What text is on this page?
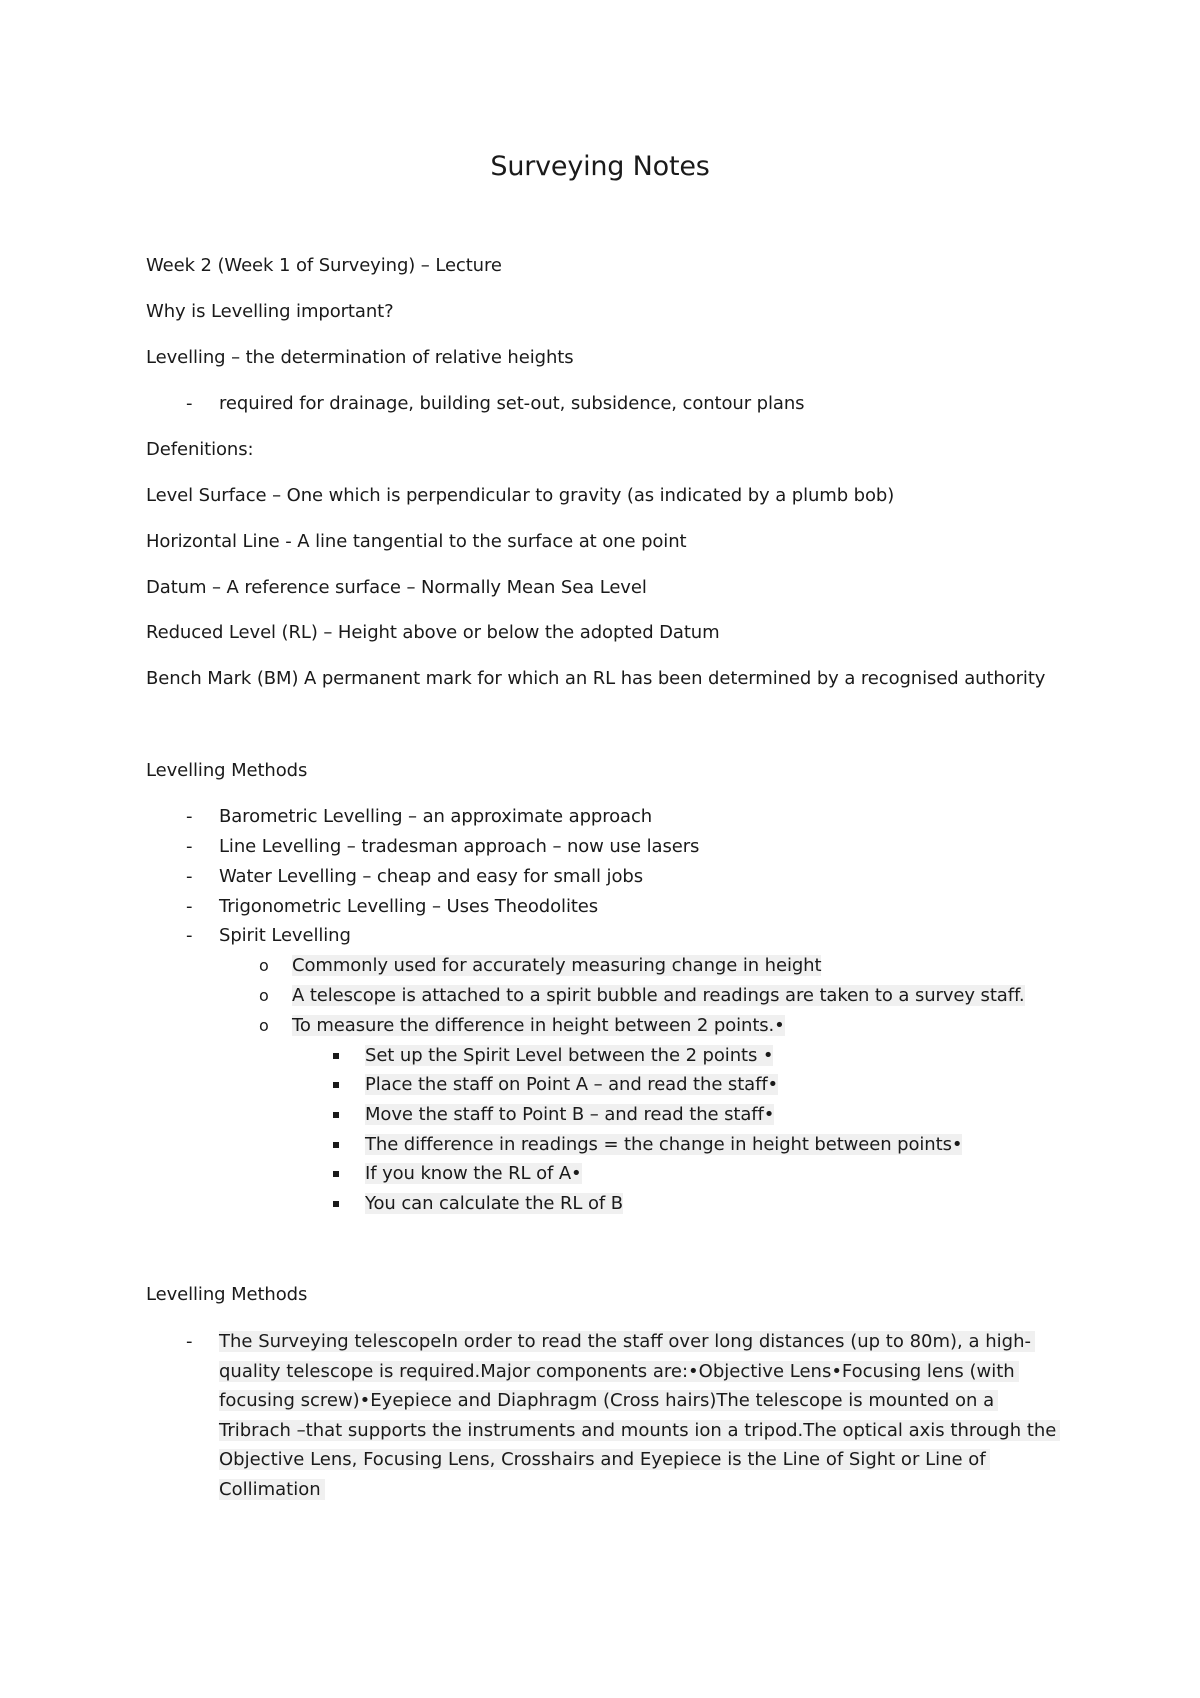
Surveying Notes
Week 2 (Week 1 of Surveying) – Lecture
Why is Levelling important?
Levelling – the determination of relative heights
- required for drainage, building set-out, subsidence, contour plans
Defenitions:
Level Surface – One which is perpendicular to gravity (as indicated by a plumb bob)
Horizontal Line - A line tangential to the surface at one point
Datum – A reference surface – Normally Mean Sea Level
Reduced Level (RL) – Height above or below the adopted Datum
Bench Mark (BM) A permanent mark for which an RL has been determined by a recognised authority
Levelling Methods
- Barometric Levelling – an approximate approach
- Line Levelling – tradesman approach – now use lasers
- Water Levelling – cheap and easy for small jobs
- Trigonometric Levelling – Uses Theodolites
- Spirit Levelling
o Commonly used for accurately measuring change in height
o A telescope is attached to a spirit bubble and readings are taken to a survey staff.
o To measure the difference in height between 2 points.•
Set up the Spirit Level between the 2 points •
Place the staff on Point A – and read the staff•
Move the staff to Point B – and read the staff•
The difference in readings = the change in height between points•
If you know the RL of A•
You can calculate the RL of B
Levelling Methods
- The Surveying telescopeIn order to read the staff over long distances (up to 80m), a high-quality telescope is required.Major components are:•Objective Lens•Focusing lens (with focusing screw)•Eyepiece and Diaphragm (Cross hairs)The telescope is mounted on a Tribrach –that supports the instruments and mounts ion a tripod.The optical axis through the Objective Lens, Focusing Lens, Crosshairs and Eyepiece is the Line of Sight or Line of Collimation
